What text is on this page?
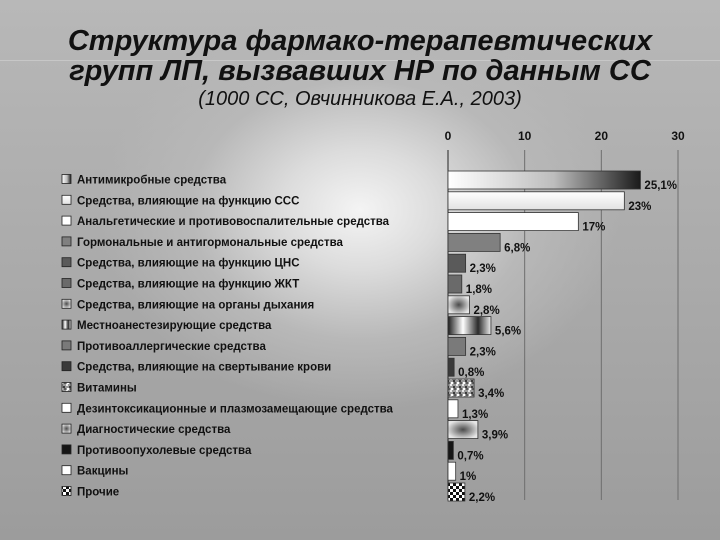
Структура фармако-терапевтических
групп ЛП, вызвавших НР по данным СС
(1000 СС, Овчинникова Е.А., 2003)
0	10	20	30
25,1%
Антимикробные средства
23%
Средства, влияющие на функцию ССС
17%
Анальгетические и противовоспалительные средства
6,8%
Гормональные и антигормональные средства
2,3%
Средства, влияющие на функцию ЦНС
1,8%
Средства, влияющие на функцию ЖКТ
2,8%
Средства, влияющие на органы дыхания
5,6%
Местноанестезирующие средства
2,3%
Противоаллергические средства
0,8%
Средства, влияющие на свертывание крови
3,4%
Витамины
1,3%
Дезинтоксикационные и плазмозамещающие средства
3,9%
Диагностические средства
0,7%
Противоопухолевые средства
1%
Вакцины
2,2%
Прочие
